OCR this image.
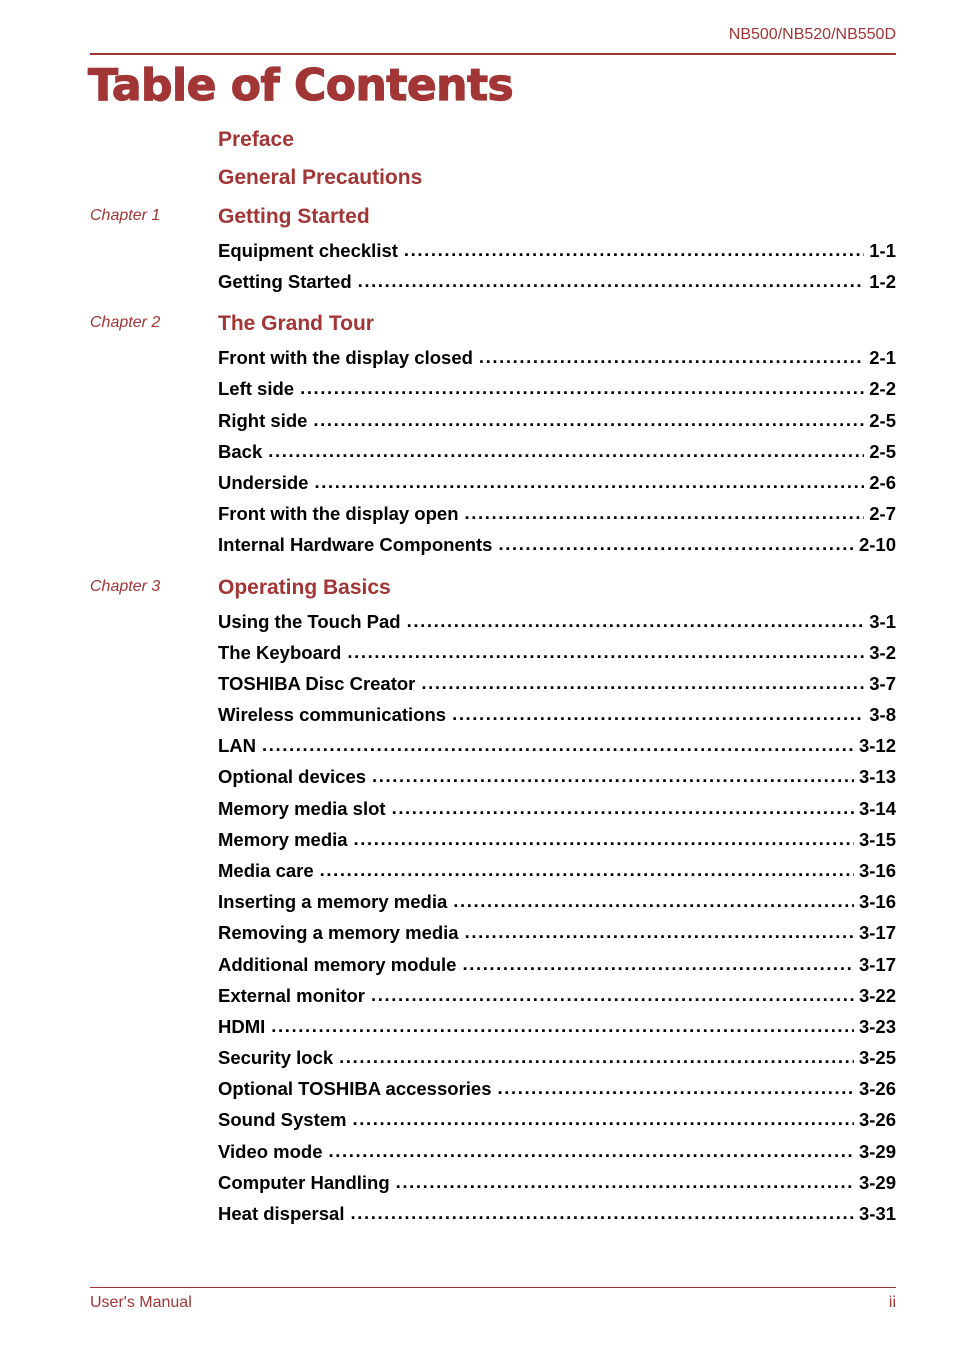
NB500/NB520/NB550D
Table of Contents
Preface
General Precautions
Chapter 1	Getting Started
Equipment checklist .....	1-1
Getting Started .....	1-2
Chapter 2	The Grand Tour
Front with the display closed .....	2-1
Left side .....	2-2
Right side .....	2-5
Back .....	2-5
Underside .....	2-6
Front with the display open .....	2-7
Internal Hardware Components .....	2-10
Chapter 3	Operating Basics
Using the Touch Pad .....	3-1
The Keyboard .....	3-2
TOSHIBA Disc Creator .....	3-7
Wireless communications .....	3-8
LAN .....	3-12
Optional devices .....	3-13
Memory media slot .....	3-14
Memory media .....	3-15
Media care .....	3-16
Inserting a memory media .....	3-16
Removing a memory media .....	3-17
Additional memory module .....	3-17
External monitor .....	3-22
HDMI .....	3-23
Security lock .....	3-25
Optional TOSHIBA accessories .....	3-26
Sound System .....	3-26
Video mode .....	3-29
Computer Handling .....	3-29
Heat dispersal .....	3-31
User's Manual	ii
